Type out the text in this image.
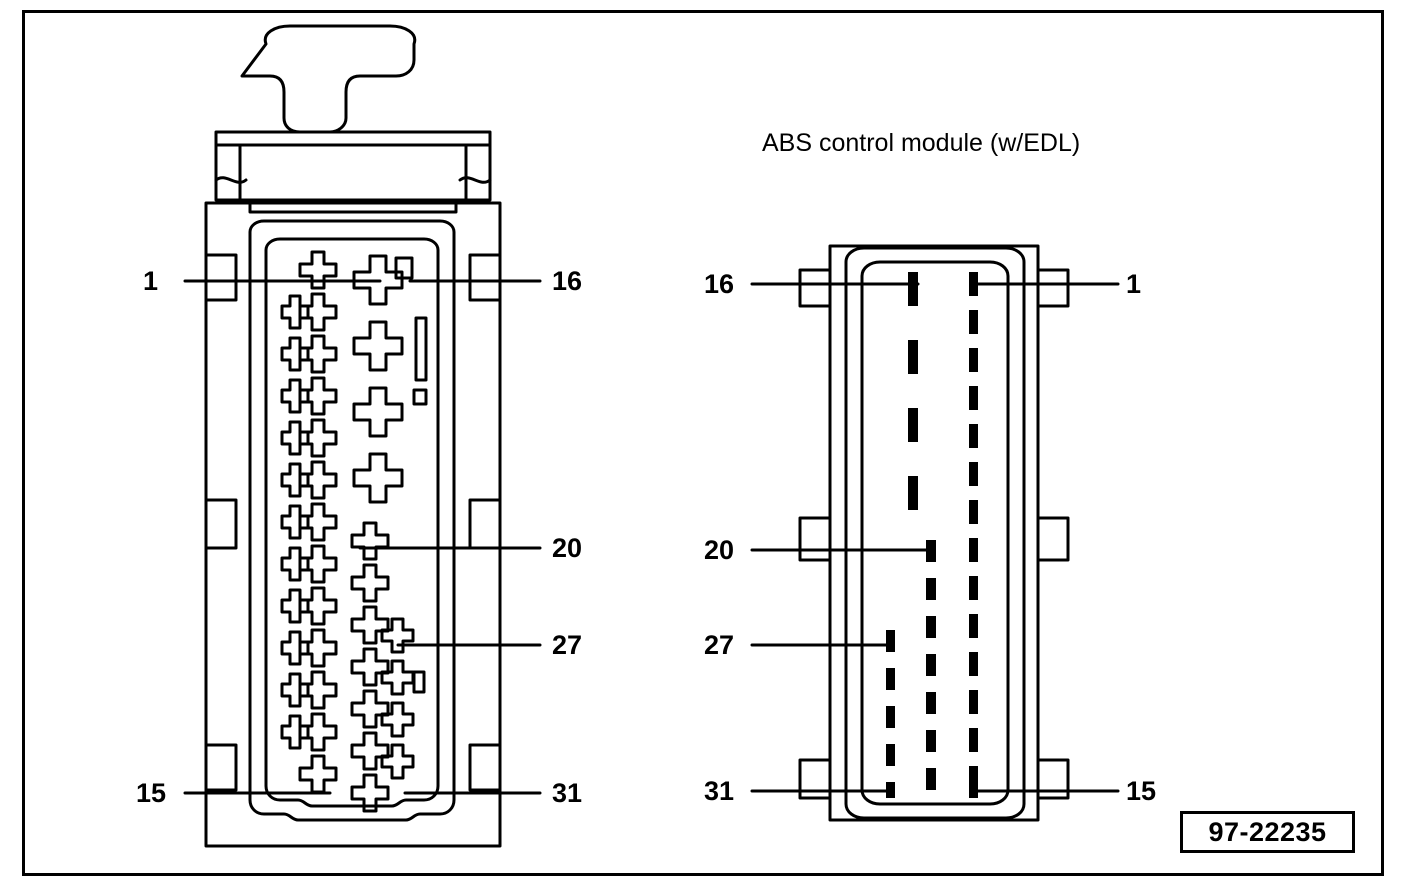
1	16
20
27
15	31
16	1
20
27
31	15
ABS control module (w/EDL)
97-22235
